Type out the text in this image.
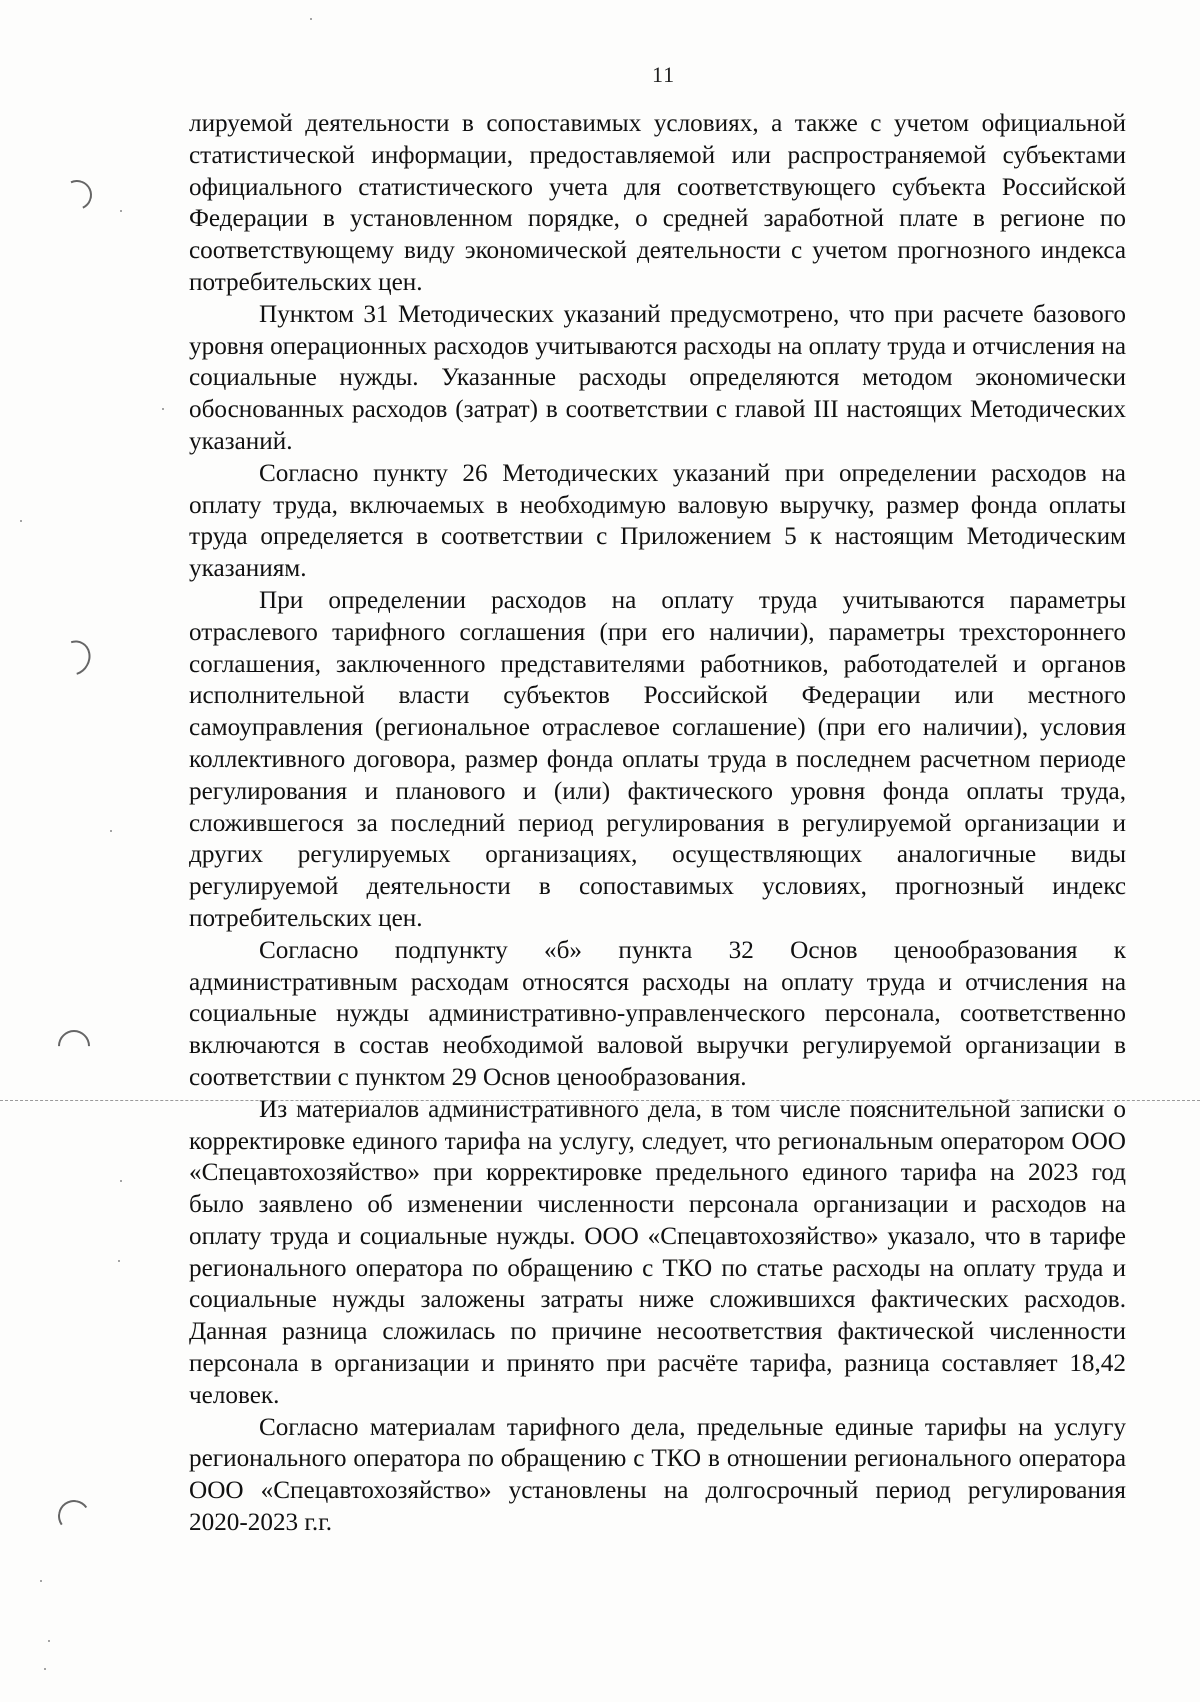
11

лируемой деятельности в сопоставимых условиях, а также с учетом официальной статистической информации, предоставляемой или распространяемой субъектами официального статистического учета для соответствующего субъекта Российской Федерации в установленном порядке, о средней заработной плате в регионе по соответствующему виду экономической деятельности с учетом прогнозного индекса потребительских цен.

Пунктом 31 Методических указаний предусмотрено, что при расчете базового уровня операционных расходов учитываются расходы на оплату труда и отчисления на социальные нужды. Указанные расходы определяются методом экономически обоснованных расходов (затрат) в соответствии с главой III настоящих Методических указаний.

Согласно пункту 26 Методических указаний при определении расходов на оплату труда, включаемых в необходимую валовую выручку, размер фонда оплаты труда определяется в соответствии с Приложением 5 к настоящим Методическим указаниям.

При определении расходов на оплату труда учитываются параметры отраслевого тарифного соглашения (при его наличии), параметры трехстороннего соглашения, заключенного представителями работников, работодателей и органов исполнительной власти субъектов Российской Федерации или местного самоуправления (региональное отраслевое соглашение) (при его наличии), условия коллективного договора, размер фонда оплаты труда в последнем расчетном периоде регулирования и планового и (или) фактического уровня фонда оплаты труда, сложившегося за последний период регулирования в регулируемой организации и других регулируемых организациях, осуществляющих аналогичные виды регулируемой деятельности в сопоставимых условиях, прогнозный индекс потребительских цен.

Согласно подпункту «б» пункта 32 Основ ценообразования к административным расходам относятся расходы на оплату труда и отчисления на социальные нужды административно-управленческого персонала, соответственно включаются в состав необходимой валовой выручки регулируемой организации в соответствии с пунктом 29 Основ ценообразования.

Из материалов административного дела, в том числе пояснительной записки о корректировке единого тарифа на услугу, следует, что региональным оператором ООО «Спецавтохозяйство» при корректировке предельного единого тарифа на 2023 год было заявлено об изменении численности персонала организации и расходов на оплату труда и социальные нужды. ООО «Спецавтохозяйство» указало, что в тарифе регионального оператора по обращению с ТКО по статье расходы на оплату труда и социальные нужды заложены затраты ниже сложившихся фактических расходов. Данная разница сложилась по причине несоответствия фактической численности персонала в организации и принято при расчёте тарифа, разница составляет 18,42 человек.

Согласно материалам тарифного дела, предельные единые тарифы на услугу регионального оператора по обращению с ТКО в отношении регионального оператора ООО «Спецавтохозяйство» установлены на долгосрочный период регулирования 2020-2023 г.г.
